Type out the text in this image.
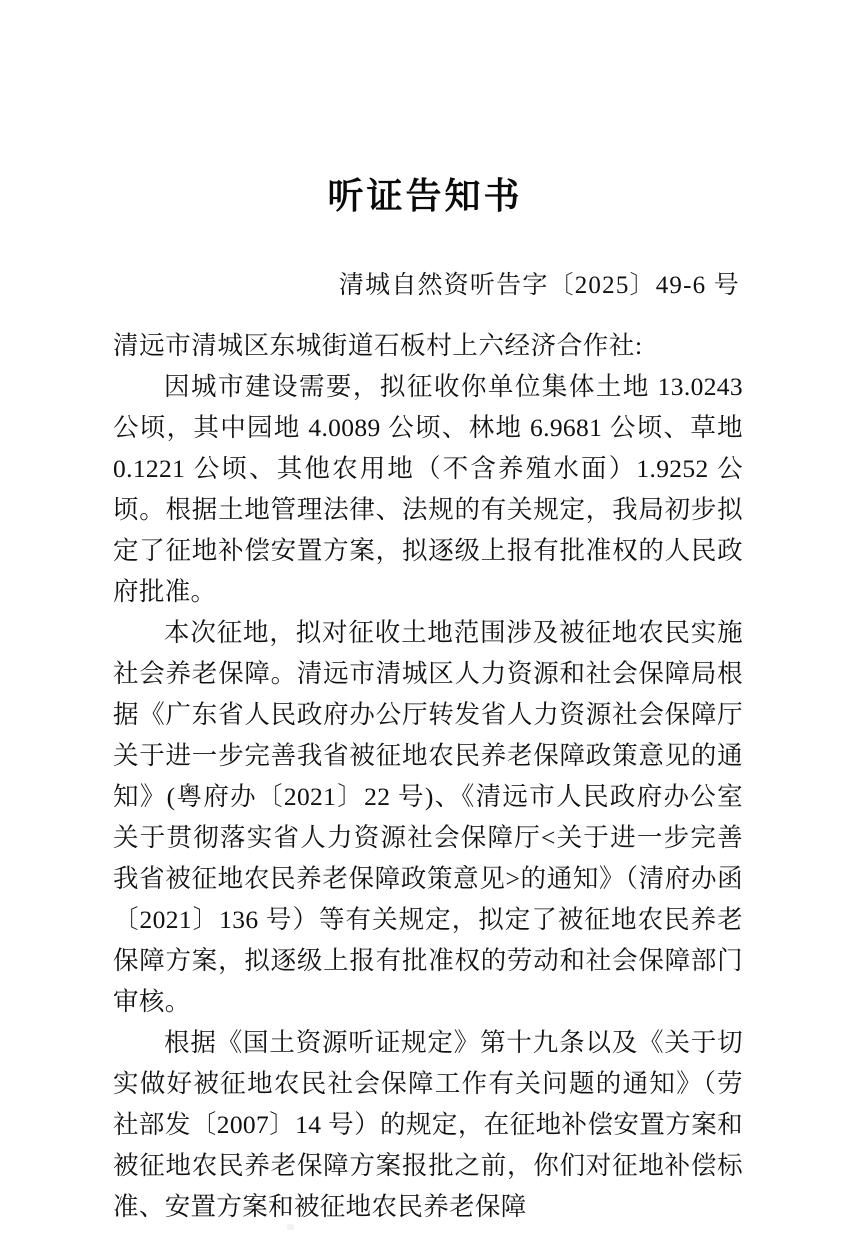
听证告知书
清城自然资听告字〔2025〕49-6 号

清远市清城区东城街道石板村上六经济合作社:

因城市建设需要，拟征收你单位集体土地 13.0243 公顷，其中园地 4.0089 公顷、林地 6.9681 公顷、草地 0.1221 公顷、其他农用地（不含养殖水面）1.9252 公顷。根据土地管理法律、法规的有关规定，我局初步拟定了征地补偿安置方案，拟逐级上报有批准权的人民政府批准。

本次征地，拟对征收土地范围涉及被征地农民实施社会养老保障。清远市清城区人力资源和社会保障局根据《广东省人民政府办公厅转发省人力资源社会保障厅关于进一步完善我省被征地农民养老保障政策意见的通知》(粤府办〔2021〕22 号)、《清远市人民政府办公室关于贯彻落实省人力资源社会保障厅<关于进一步完善我省被征地农民养老保障政策意见>的通知》（清府办函〔2021〕136 号）等有关规定，拟定了被征地农民养老保障方案，拟逐级上报有批准权的劳动和社会保障部门审核。

根据《国土资源听证规定》第十九条以及《关于切实做好被征地农民社会保障工作有关问题的通知》（劳社部发〔2007〕14 号）的规定，在征地补偿安置方案和被征地农民养老保障方案报批之前，你们对征地补偿标准、安置方案和被征地农民养老保障
